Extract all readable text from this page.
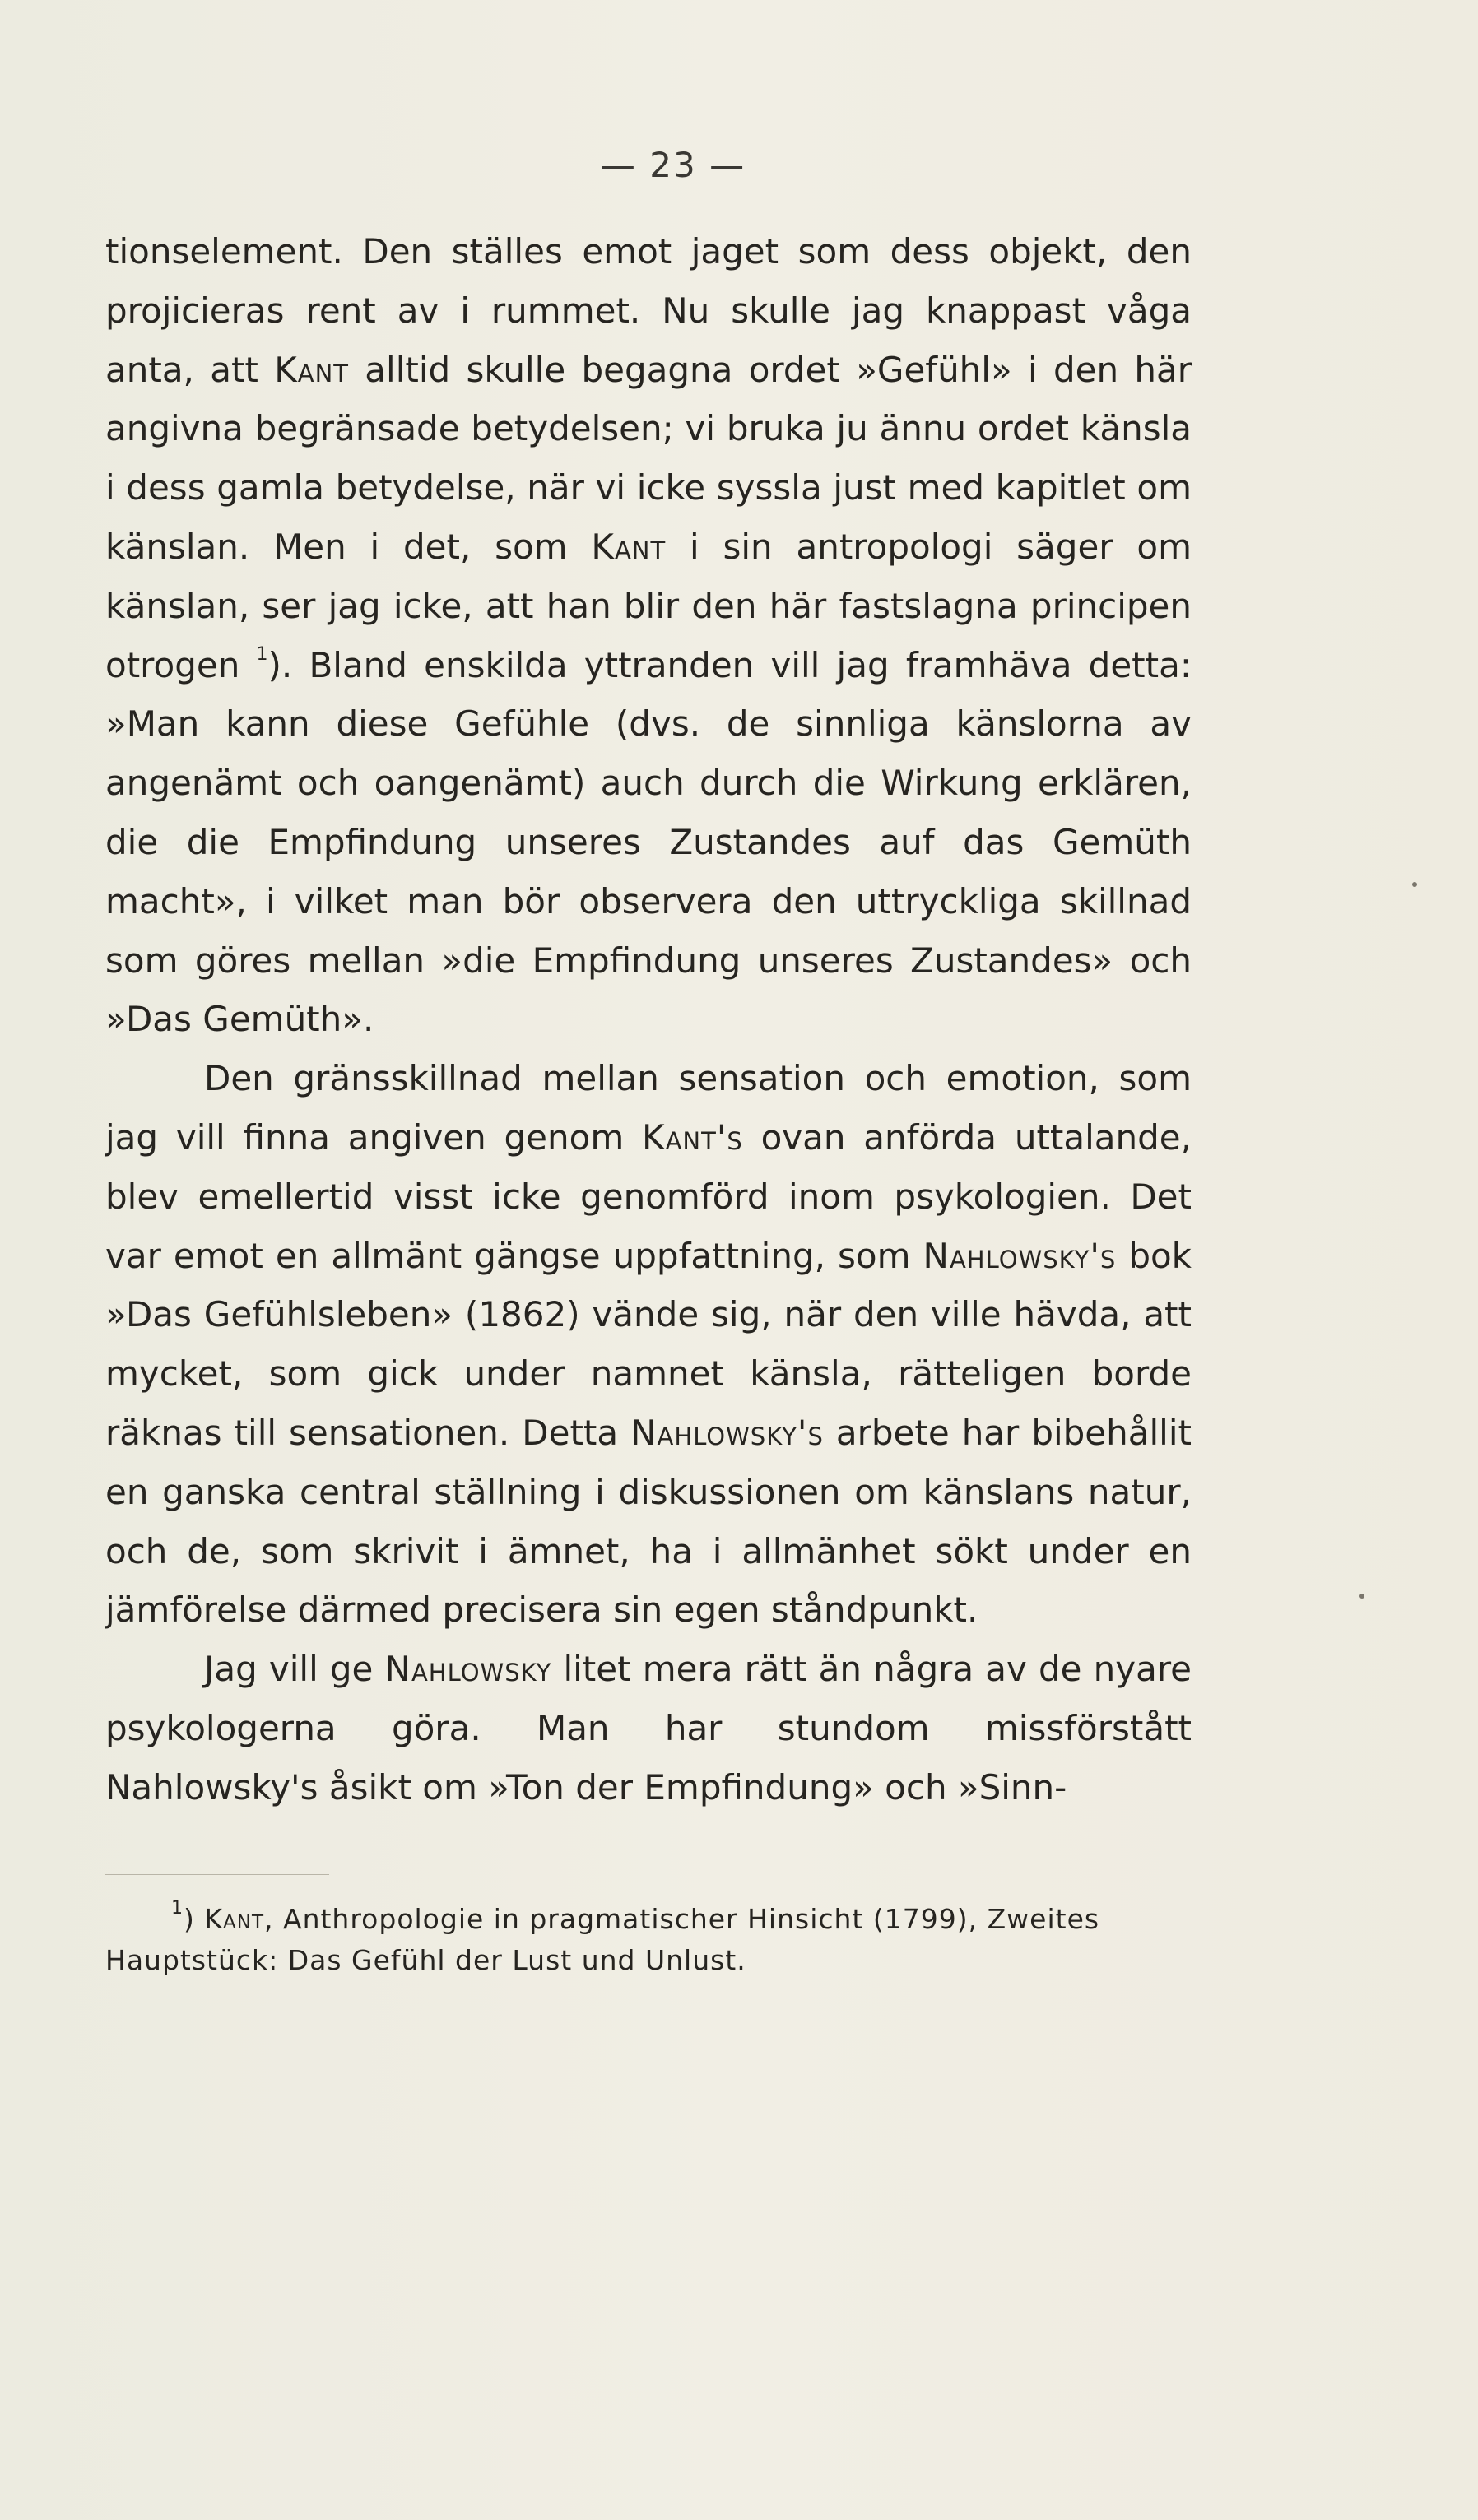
— 23 —

tionselement. Den ställes emot jaget som dess objekt, den projicieras rent av i rummet. Nu skulle jag knappast våga anta, att Kant alltid skulle begagna ordet »Gefühl» i den här angivna begränsade betydelsen; vi bruka ju ännu ordet känsla i dess gamla betydelse, när vi icke syssla just med kapitlet om känslan. Men i det, som Kant i sin antropologi säger om känslan, ser jag icke, att han blir den här fastslagna principen otrogen $^1$). Bland enskilda yttranden vill jag framhäva detta: »Man kann diese Gefühle (dvs. de sinnliga känslorna av angenämt och oangenämt) auch durch die Wirkung erklären, die die Empfindung unseres Zustandes auf das Gemüth macht», i vilket man bör observera den uttryckliga skillnad som göres mellan »die Empfindung unseres Zustandes» och »Das Gemüth».

Den gränsskillnad mellan sensation och emotion, som jag vill finna angiven genom Kant's ovan anförda uttalande, blev emellertid visst icke genomförd inom psykologien. Det var emot en allmänt gängse uppfattning, som Nahlowsky's bok »Das Gefühlsleben» (1862) vände sig, när den ville hävda, att mycket, som gick under namnet känsla, rätteligen borde räknas till sensationen. Detta Nahlowsky's arbete har bibehållit en ganska central ställning i diskussionen om känslans natur, och de, som skrivit i ämnet, ha i allmänhet sökt under en jämförelse därmed precisera sin egen ståndpunkt.

Jag vill ge Nahlowsky litet mera rätt än några av de nyare psykologerna göra. Man har stundom missförstått Nahlowsky's åsikt om »Ton der Empfindung» och »Sinn-

$^1$) Kant, Anthropologie in pragmatischer Hinsicht (1799), Zweites Hauptstück: Das Gefühl der Lust und Unlust.
